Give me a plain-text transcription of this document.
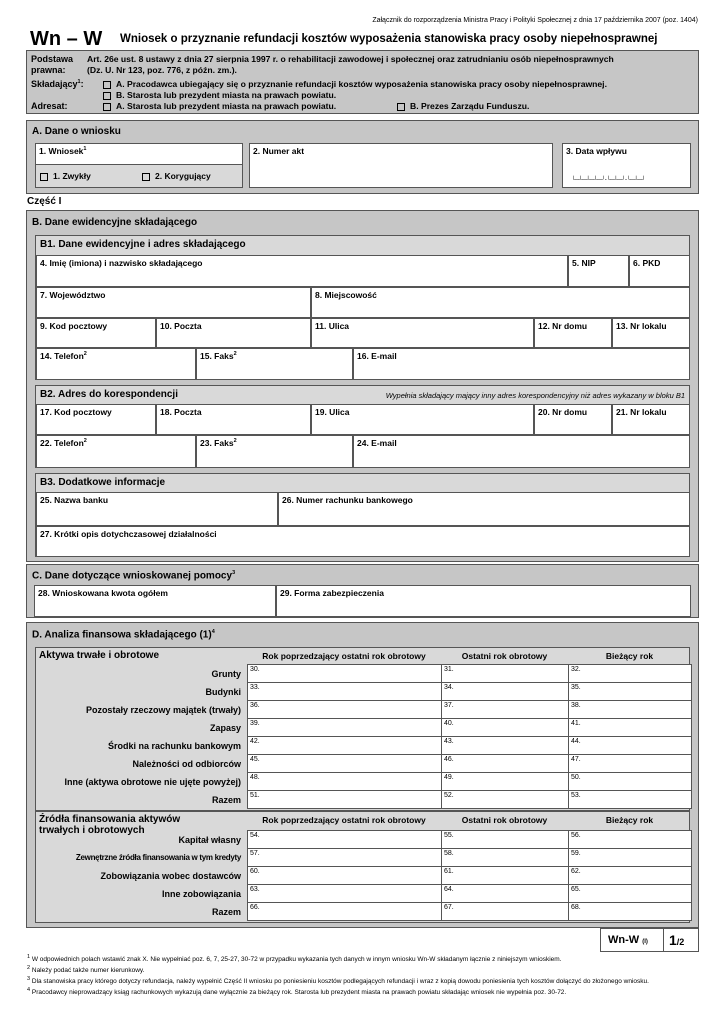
Załącznik do rozporządzenia Ministra Pracy i Polityki Społecznej z dnia 17 października 2007 (poz. 1404)
Wn – W Wniosek o przyznanie refundacji kosztów wyposażenia stanowiska pracy osoby niepełnosprawnej
Podstawa
prawna:
Art. 26e ust. 8 ustawy z dnia 27 sierpnia 1997 r. o rehabilitacji zawodowej i społecznej oraz zatrudnianiu osób niepełnosprawnych
(Dz. U. Nr 123, poz. 776, z późn. zm.).
Składający$^1$:	A. Pracodawca ubiegający się o przyznanie refundacji kosztów wyposażenia stanowiska pracy osoby niepełnosprawnej.
B. Starosta lub prezydent miasta na prawach powiatu.
Adresat:	A. Starosta lub prezydent miasta na prawach powiatu.	B. Prezes Zarządu Funduszu.
A. Dane o wniosku
1. Wniosek$^1$
1. Zwykły	2. Korygujący
2. Numer akt	3. Data wpływu
└─┴─┴─┴─┘-└─┴─┘-└─┴─┘
Część I
B. Dane ewidencyjne składającego
B1. Dane ewidencyjne i adres składającego
4. Imię (imiona) i nazwisko składającego	5. NIP	6. PKD
7. Województwo	8. Miejscowość
9. Kod pocztowy	10. Poczta	11. Ulica	12. Nr domu	13. Nr lokalu
14. Telefon$^2$	15. Faks$^2$	16. E-mail
B2. Adres do korespondencji	Wypełnia składający mający inny adres korespondencyjny niż adres wykazany w bloku B1
17. Kod pocztowy	18. Poczta	19. Ulica	20. Nr domu	21. Nr lokalu
22. Telefon$^2$	23. Faks$^2$	24. E-mail
B3. Dodatkowe informacje
25. Nazwa banku	26. Numer rachunku bankowego
27. Krótki opis dotychczasowej działalności
C. Dane dotyczące wnioskowanej pomocy$^3$
28. Wnioskowana kwota ogółem	29. Forma zabezpieczenia
D. Analiza finansowa składającego $(1)^4$
Aktywa trwałe i obrotowe	Rok poprzedzający ostatni rok obrotowy	Ostatni rok obrotowy	Bieżący rok
Grunty	30.	31.	32.
Budynki	33.	34.	35.
Pozostały rzeczowy majątek (trwały)	36.	37.	38.
Zapasy	39.	40.	41.
Środki na rachunku bankowym	42.	43.	44.
Należności od odbiorców	45.	46.	47.
Inne (aktywa obrotowe nie ujęte powyżej)	48.	49.	50.
Razem	51.	52.	53.
Źródła finansowania aktywów
trwałych i obrotowych
Rok poprzedzający ostatni rok obrotowy	Ostatni rok obrotowy	Bieżący rok
Kapitał własny	54.	55.	56.
Zewnętrzne źródła finansowania w tym kredyty	57.	58.	59.
Zobowiązania wobec dostawców	60.	61.	62.
Inne zobowiązania	63.	64.	65.
Razem	66.	67.	68.
Wn-W (I) 1/2
$^1$ W odpowiednich polach wstawić znak X. Nie wypełniać poz. 6, 7, 25-27, 30-72 w przypadku wykazania tych danych w innym wniosku Wn-W składanym łącznie z niniejszym wnioskiem.
$^2$ Należy podać także numer kierunkowy.
$^3$ Dla stanowiska pracy którego dotyczy refundacja, należy wypełnić Część II wniosku po poniesieniu kosztów podlegających refundacji i wraz z kopią dowodu poniesienia tych kosztów dołączyć do złożonego wniosku.
$^4$ Pracodawcy nieprowadzący ksiąg rachunkowych wykazują dane wyłącznie za bieżący rok. Starosta lub prezydent miasta na prawach powiatu składając wniosek nie wypełnia poz. 30-72.
